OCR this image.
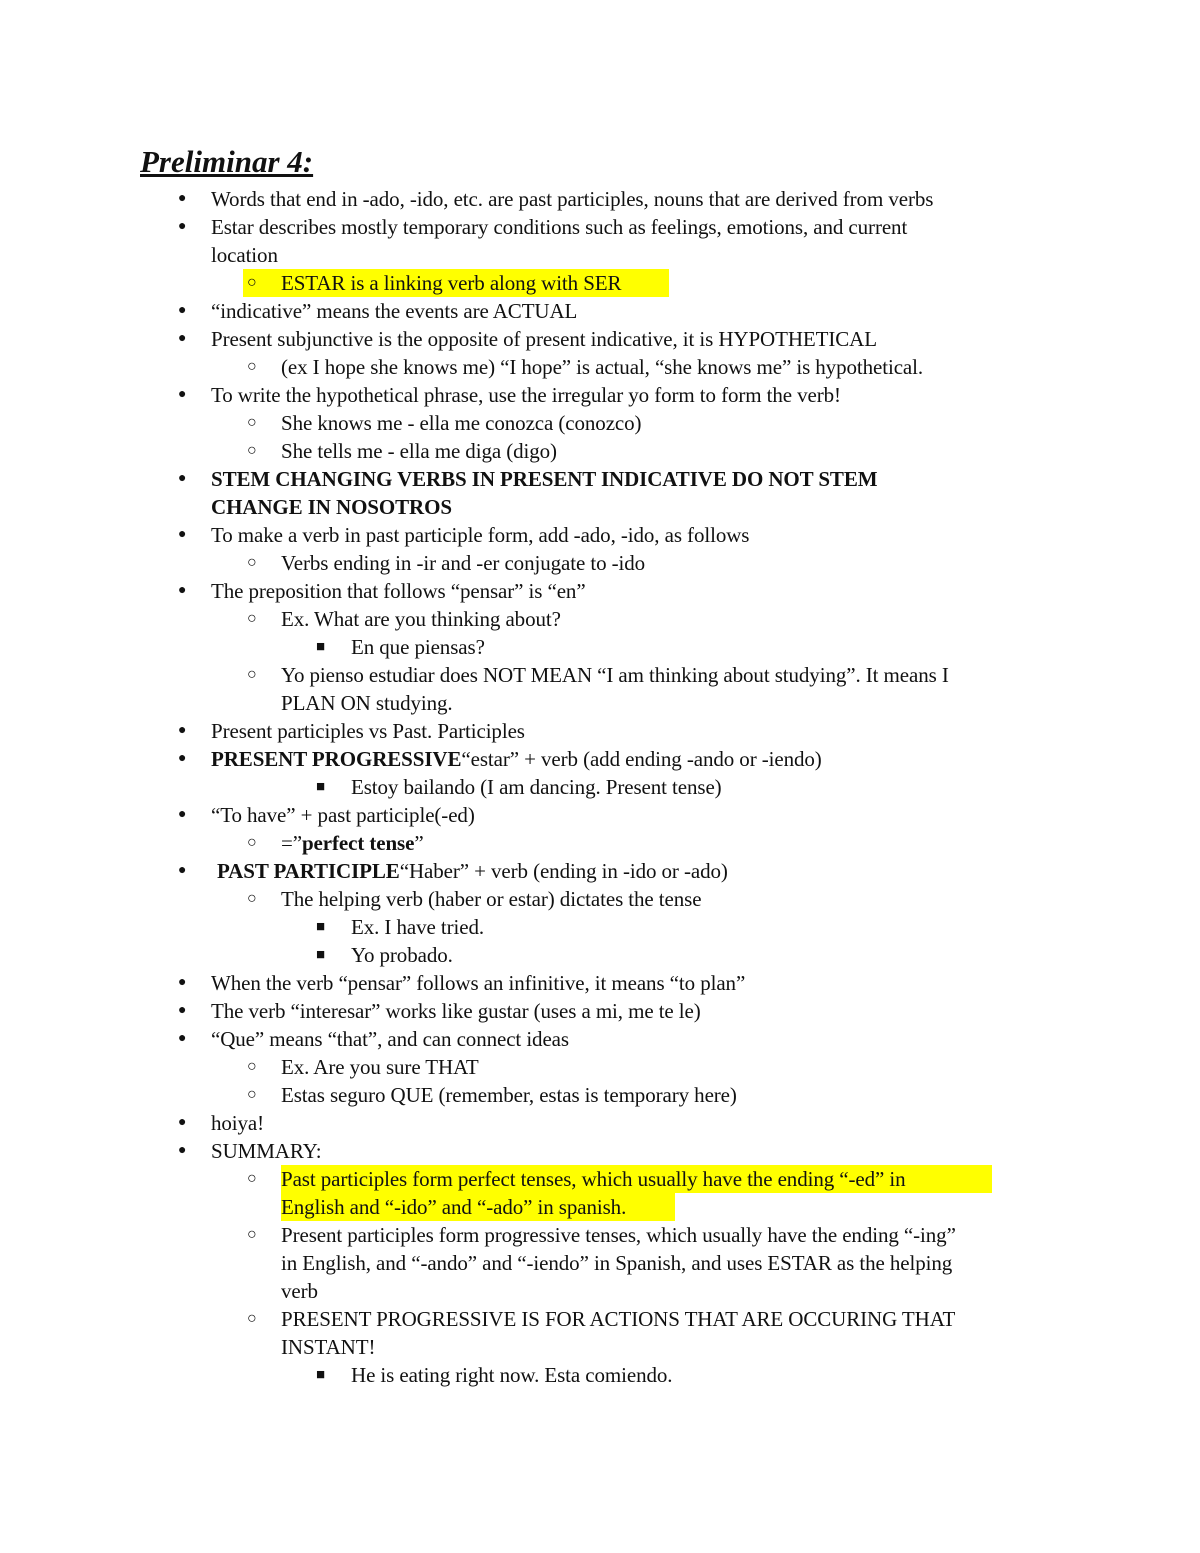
Preliminar 4:
● Words that end in -ado, -ido, etc. are past participles, nouns that are derived from verbs
● Estar describes mostly temporary conditions such as feelings, emotions, and current
location
○ ESTAR is a linking verb along with SER
● “indicative” means the events are ACTUAL
● Present subjunctive is the opposite of present indicative, it is HYPOTHETICAL
○ (ex I hope she knows me) “I hope” is actual, “she knows me” is hypothetical.
● To write the hypothetical phrase, use the irregular yo form to form the verb!
○ She knows me - ella me conozca (conozco)
○ She tells me - ella me diga (digo)
● STEM CHANGING VERBS IN PRESENT INDICATIVE DO NOT STEM
CHANGE IN NOSOTROS
● To make a verb in past participle form, add -ado, -ido, as follows
○ Verbs ending in -ir and -er conjugate to -ido
● The preposition that follows “pensar” is “en”
○ Ex. What are you thinking about?
■ En que piensas?
○ Yo pienso estudiar does NOT MEAN “I am thinking about studying”. It means I
PLAN ON studying.
● Present participles vs Past. Participles
● PRESENT PROGRESSIVE“estar” + verb (add ending -ando or -iendo)
■ Estoy bailando (I am dancing. Present tense)
● “To have” + past participle(-ed)
○ =”perfect tense”
● PAST PARTICIPLE“Haber” + verb (ending in -ido or -ado)
○ The helping verb (haber or estar) dictates the tense
■ Ex. I have tried.
■ Yo probado.
● When the verb “pensar” follows an infinitive, it means “to plan”
● The verb “interesar” works like gustar (uses a mi, me te le)
● “Que” means “that”, and can connect ideas
○ Ex. Are you sure THAT
○ Estas seguro QUE (remember, estas is temporary here)
● hoiya!
● SUMMARY:
○ Past participles form perfect tenses, which usually have the ending “-ed” in
English and “-ido” and “-ado” in spanish.
○ Present participles form progressive tenses, which usually have the ending “-ing”
in English, and “-ando” and “-iendo” in Spanish, and uses ESTAR as the helping
verb
○ PRESENT PROGRESSIVE IS FOR ACTIONS THAT ARE OCCURING THAT
INSTANT!
■ He is eating right now. Esta comiendo.
